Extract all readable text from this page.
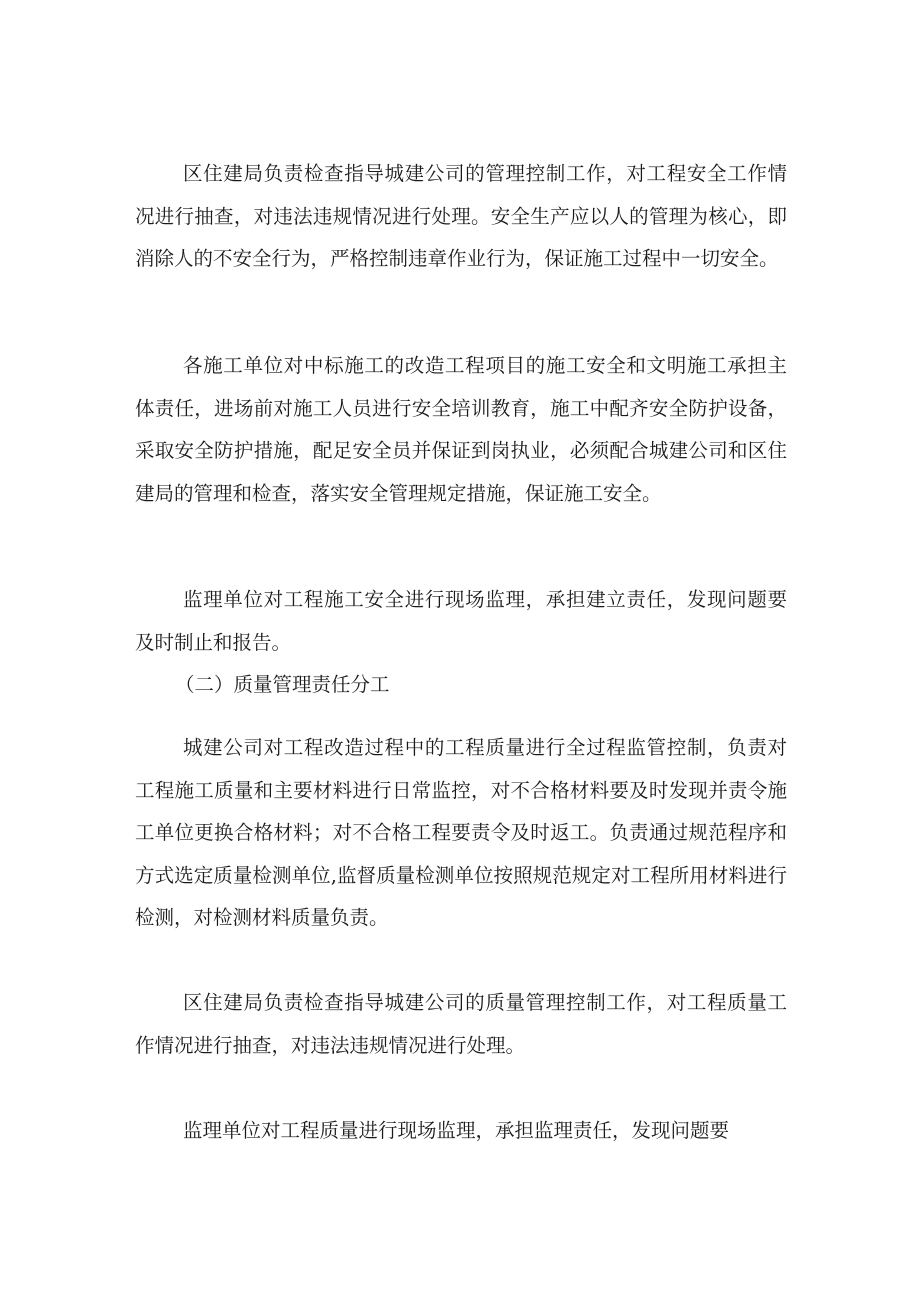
区住建局负责检查指导城建公司的管理控制工作，对工程安全工作情况进行抽查，对违法违规情况进行处理。安全生产应以人的管理为核心，即消除人的不安全行为，严格控制违章作业行为，保证施工过程中一切安全。

各施工单位对中标施工的改造工程项目的施工安全和文明施工承担主体责任，进场前对施工人员进行安全培训教育，施工中配齐安全防护设备，采取安全防护措施，配足安全员并保证到岗执业，必须配合城建公司和区住建局的管理和检查，落实安全管理规定措施，保证施工安全。

监理单位对工程施工安全进行现场监理，承担建立责任，发现问题要及时制止和报告。

（二）质量管理责任分工

城建公司对工程改造过程中的工程质量进行全过程监管控制，负责对工程施工质量和主要材料进行日常监控，对不合格材料要及时发现并责令施工单位更换合格材料；对不合格工程要责令及时返工。负责通过规范程序和方式选定质量检测单位,监督质量检测单位按照规范规定对工程所用材料进行检测，对检测材料质量负责。

区住建局负责检查指导城建公司的质量管理控制工作，对工程质量工作情况进行抽查，对违法违规情况进行处理。

监理单位对工程质量进行现场监理，承担监理责任，发现问题要
